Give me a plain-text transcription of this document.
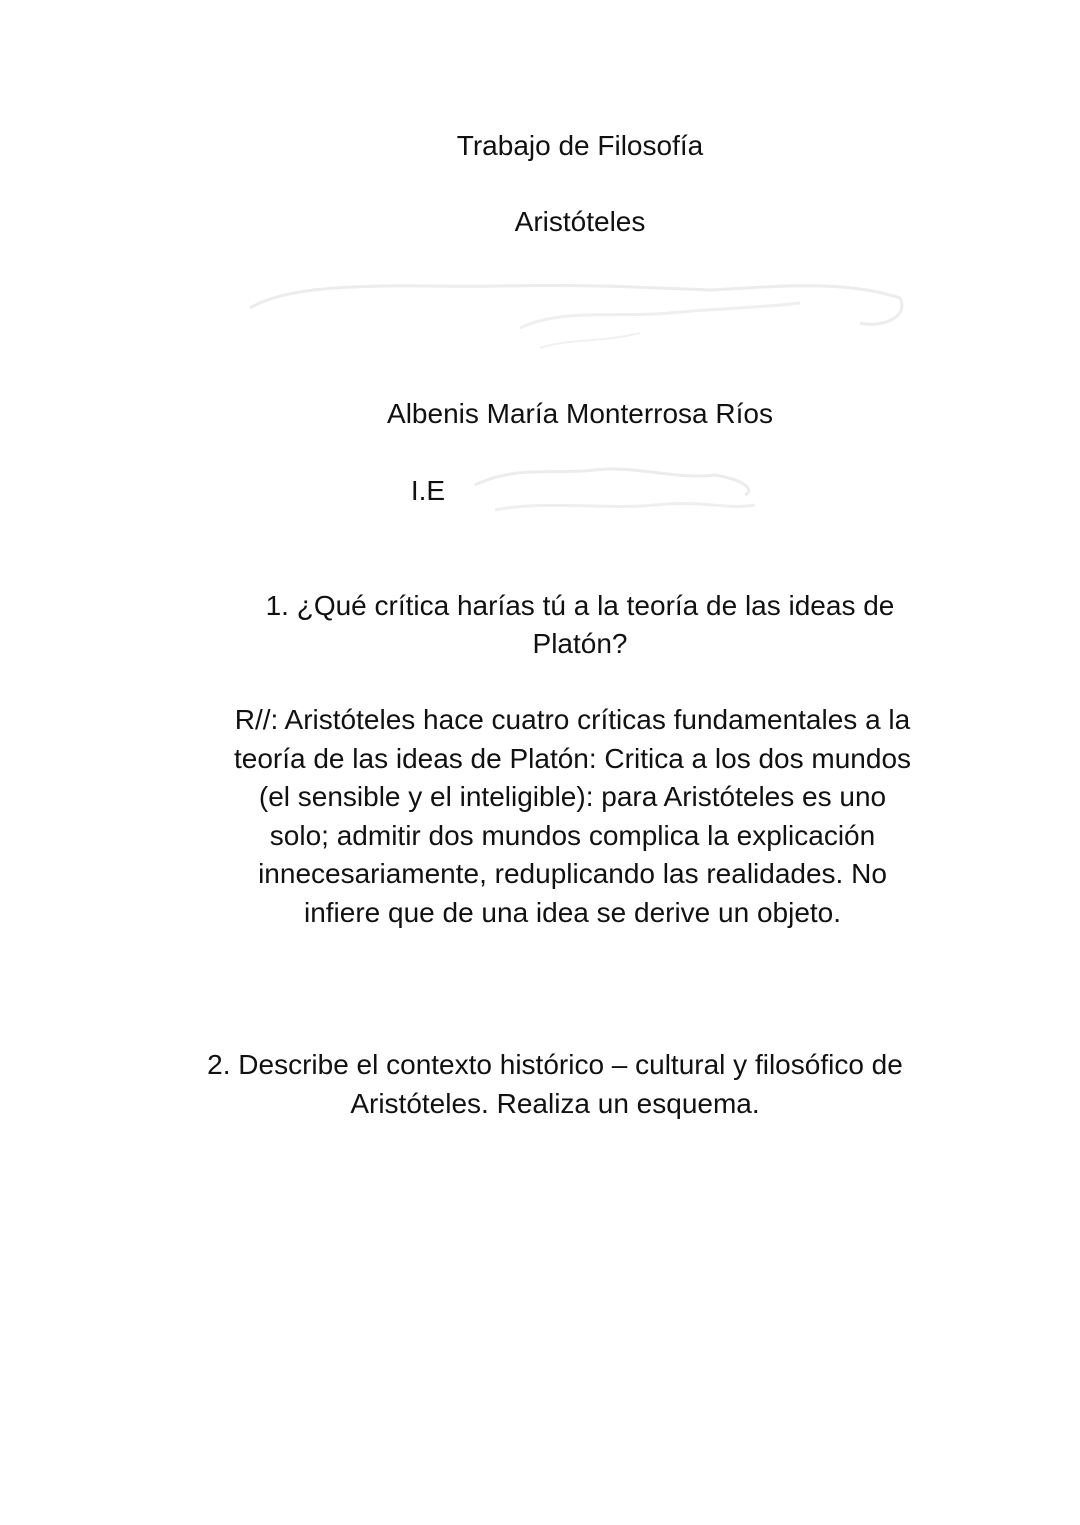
Trabajo de Filosofía
Aristóteles
Albenis María Monterrosa Ríos
I.E
1. ¿Qué crítica harías tú a la teoría de las ideas de
Platón?
R//: Aristóteles hace cuatro críticas fundamentales a la
teoría de las ideas de Platón: Critica a los dos mundos
(el sensible y el inteligible): para Aristóteles es uno
solo; admitir dos mundos complica la explicación
innecesariamente, reduplicando las realidades. No
infiere que de una idea se derive un objeto.
2. Describe el contexto histórico – cultural y filosófico de
Aristóteles. Realiza un esquema.
